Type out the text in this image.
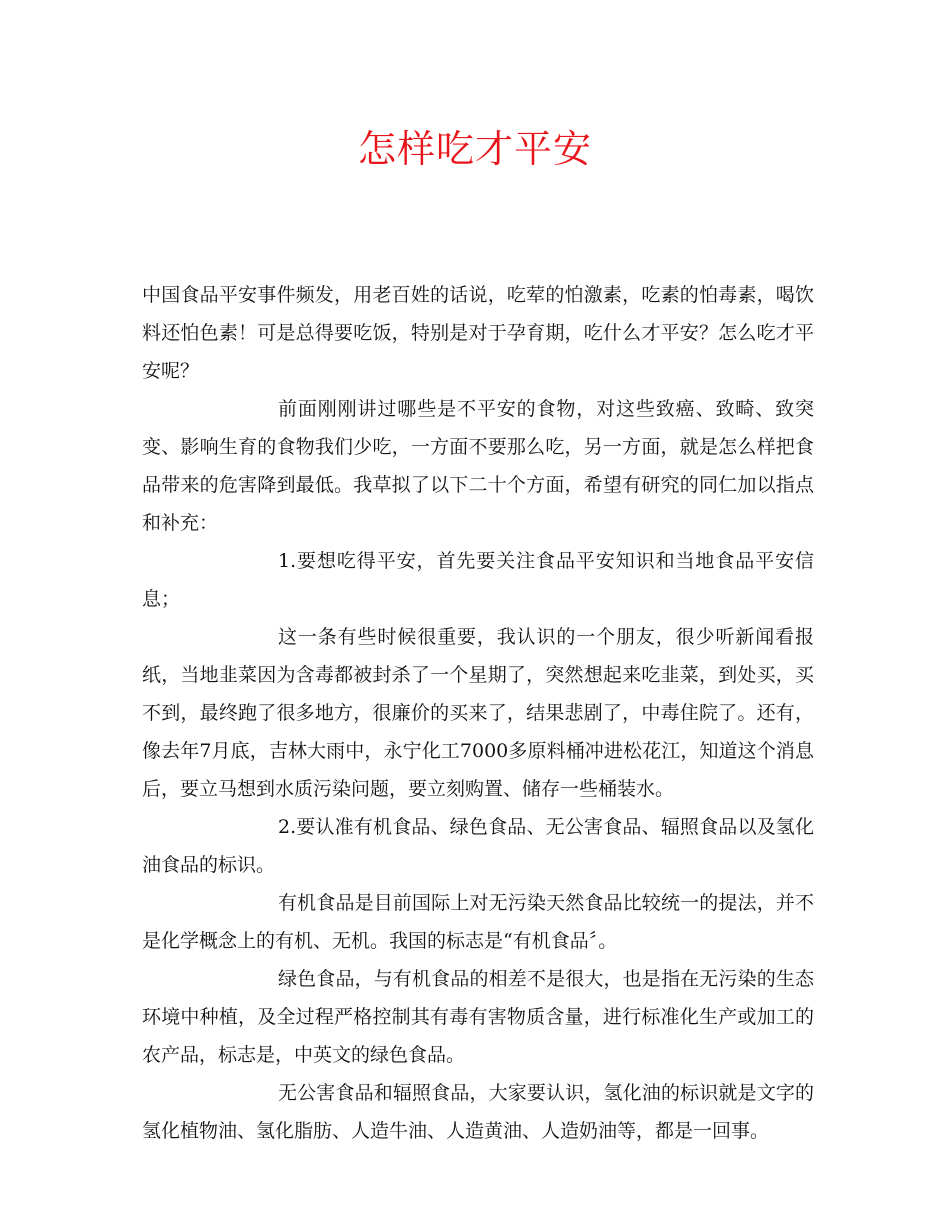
怎样吃才平安

中国食品平安事件频发，用老百姓的话说，吃荤的怕激素，吃素的怕毒素，喝饮料还怕色素！可是总得要吃饭，特别是对于孕育期，吃什么才平安？怎么吃才平安呢？

前面刚刚讲过哪些是不平安的食物，对这些致癌、致畸、致突变、影响生育的食物我们少吃，一方面不要那么吃，另一方面，就是怎么样把食品带来的危害降到最低。我草拟了以下二十个方面，希望有研究的同仁加以指点和补充：

1.要想吃得平安，首先要关注食品平安知识和当地食品平安信息；

这一条有些时候很重要，我认识的一个朋友，很少听新闻看报纸，当地韭菜因为含毒都被封杀了一个星期了，突然想起来吃韭菜，到处买，买不到，最终跑了很多地方，很廉价的买来了，结果悲剧了，中毒住院了。还有，像去年7月底，吉林大雨中，永宁化工7000多原料桶冲进松花江，知道这个消息后，要立马想到水质污染问题，要立刻购置、储存一些桶装水。

2.要认准有机食品、绿色食品、无公害食品、辐照食品以及氢化油食品的标识。

有机食品是目前国际上对无污染天然食品比较统一的提法，并不是化学概念上的有机、无机。我国的标志是“有机食品〞。

绿色食品，与有机食品的相差不是很大，也是指在无污染的生态环境中种植，及全过程严格控制其有毒有害物质含量，进行标准化生产或加工的农产品，标志是，中英文的绿色食品。

无公害食品和辐照食品，大家要认识，氢化油的标识就是文字的氢化植物油、氢化脂肪、人造牛油、人造黄油、人造奶油等，都是一回事。
